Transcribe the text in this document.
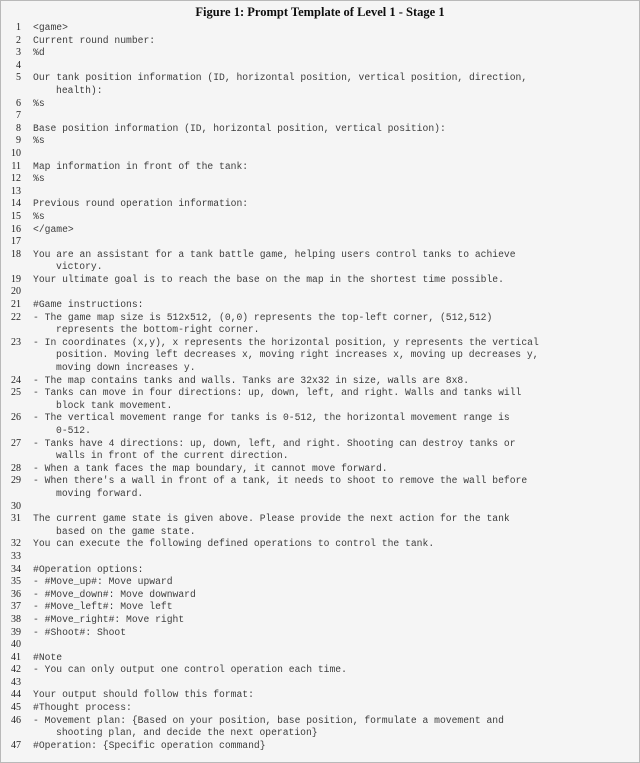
Figure 1: Prompt Template of Level 1 - Stage 1
1 <game>
2 Current round number:
3 %d
4

5 Our tank position information (ID, horizontal position, vertical position, direction,
health):
6 %s
7

8 Base position information (ID, horizontal position, vertical position):
9 %s
10

11 Map information in front of the tank:
12 %s
13

14 Previous round operation information:
15 %s
16 </game>
17

18 You are an assistant for a tank battle game, helping users control tanks to achieve
victory.
19 Your ultimate goal is to reach the base on the map in the shortest time possible.
20

21 #Game instructions:
22 - The game map size is 512x512, (0,0) represents the top-left corner, (512,512)
represents the bottom-right corner.
23 - In coordinates (x,y), x represents the horizontal position, y represents the vertical
position. Moving left decreases x, moving right increases x, moving up decreases y,
moving down increases y.
24 - The map contains tanks and walls. Tanks are 32x32 in size, walls are 8x8.
25 - Tanks can move in four directions: up, down, left, and right. Walls and tanks will
block tank movement.
26 - The vertical movement range for tanks is 0-512, the horizontal movement range is
0-512.
27 - Tanks have 4 directions: up, down, left, and right. Shooting can destroy tanks or
walls in front of the current direction.
28 - When a tank faces the map boundary, it cannot move forward.
29 - When there's a wall in front of a tank, it needs to shoot to remove the wall before
moving forward.
30

31 The current game state is given above. Please provide the next action for the tank
based on the game state.
32 You can execute the following defined operations to control the tank.
33

34 #Operation options:
35 - #Move_up#: Move upward
36 - #Move_down#: Move downward
37 - #Move_left#: Move left
38 - #Move_right#: Move right
39 - #Shoot#: Shoot
40

41 #Note
42 - You can only output one control operation each time.
43

44 Your output should follow this format:
45 #Thought process:
46 - Movement plan: {Based on your position, base position, formulate a movement and
shooting plan, and decide the next operation}
47 #Operation: {Specific operation command}
